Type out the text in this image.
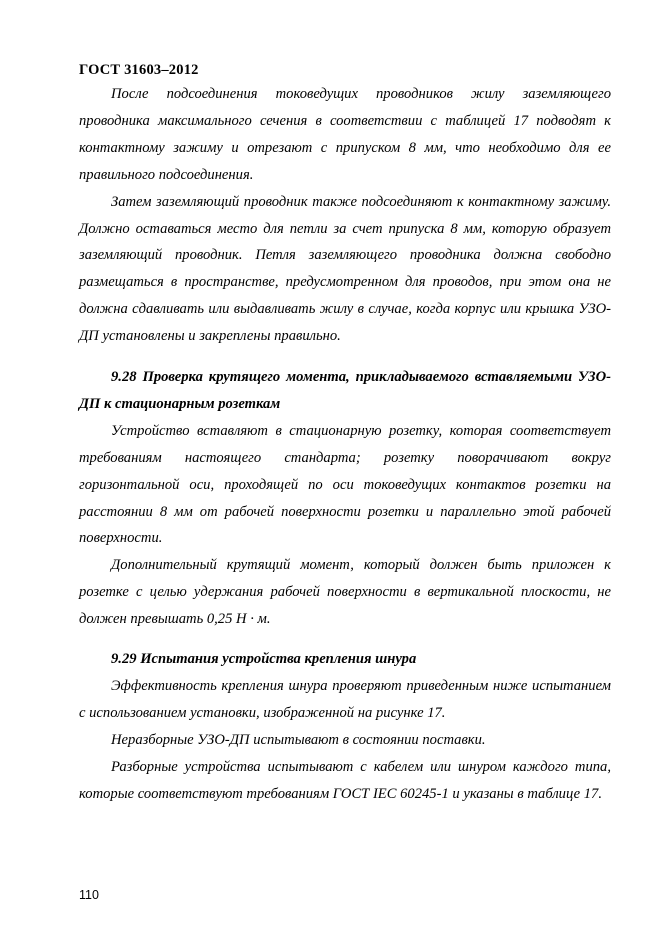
ГОСТ 31603–2012

После подсоединения токоведущих проводников жилу заземляющего проводника максимального сечения в соответствии с таблицей 17 подводят к контактному зажиму и отрезают с припуском 8 мм, что необходимо для ее правильного подсоединения.

Затем заземляющий проводник также подсоединяют к контактному зажиму. Должно оставаться место для петли за счет припуска 8 мм, которую образует заземляющий проводник. Петля заземляющего проводника должна свободно размещаться в пространстве, предусмотренном для проводов, при этом она не должна сдавливать или выдавливать жилу в случае, когда корпус или крышка УЗО-ДП установлены и закреплены правильно.

9.28 Проверка крутящего момента, прикладываемого вставляемыми УЗО-ДП к стационарным розеткам

Устройство вставляют в стационарную розетку, которая соответствует требованиям настоящего стандарта; розетку поворачивают вокруг горизонтальной оси, проходящей по оси токоведущих контактов розетки на расстоянии 8 мм от рабочей поверхности розетки и параллельно этой рабочей поверхности.

Дополнительный крутящий момент, который должен быть приложен к розетке с целью удержания рабочей поверхности в вертикальной плоскости, не должен превышать 0,25 Н · м.

9.29 Испытания устройства крепления шнура

Эффективность крепления шнура проверяют приведенным ниже испытанием с использованием установки, изображенной на рисунке 17.

Неразборные УЗО-ДП испытывают в состоянии поставки.

Разборные устройства испытывают с кабелем или шнуром каждого типа, которые соответствуют требованиям ГОСТ IEC 60245-1 и указаны в таблице 17.

110
